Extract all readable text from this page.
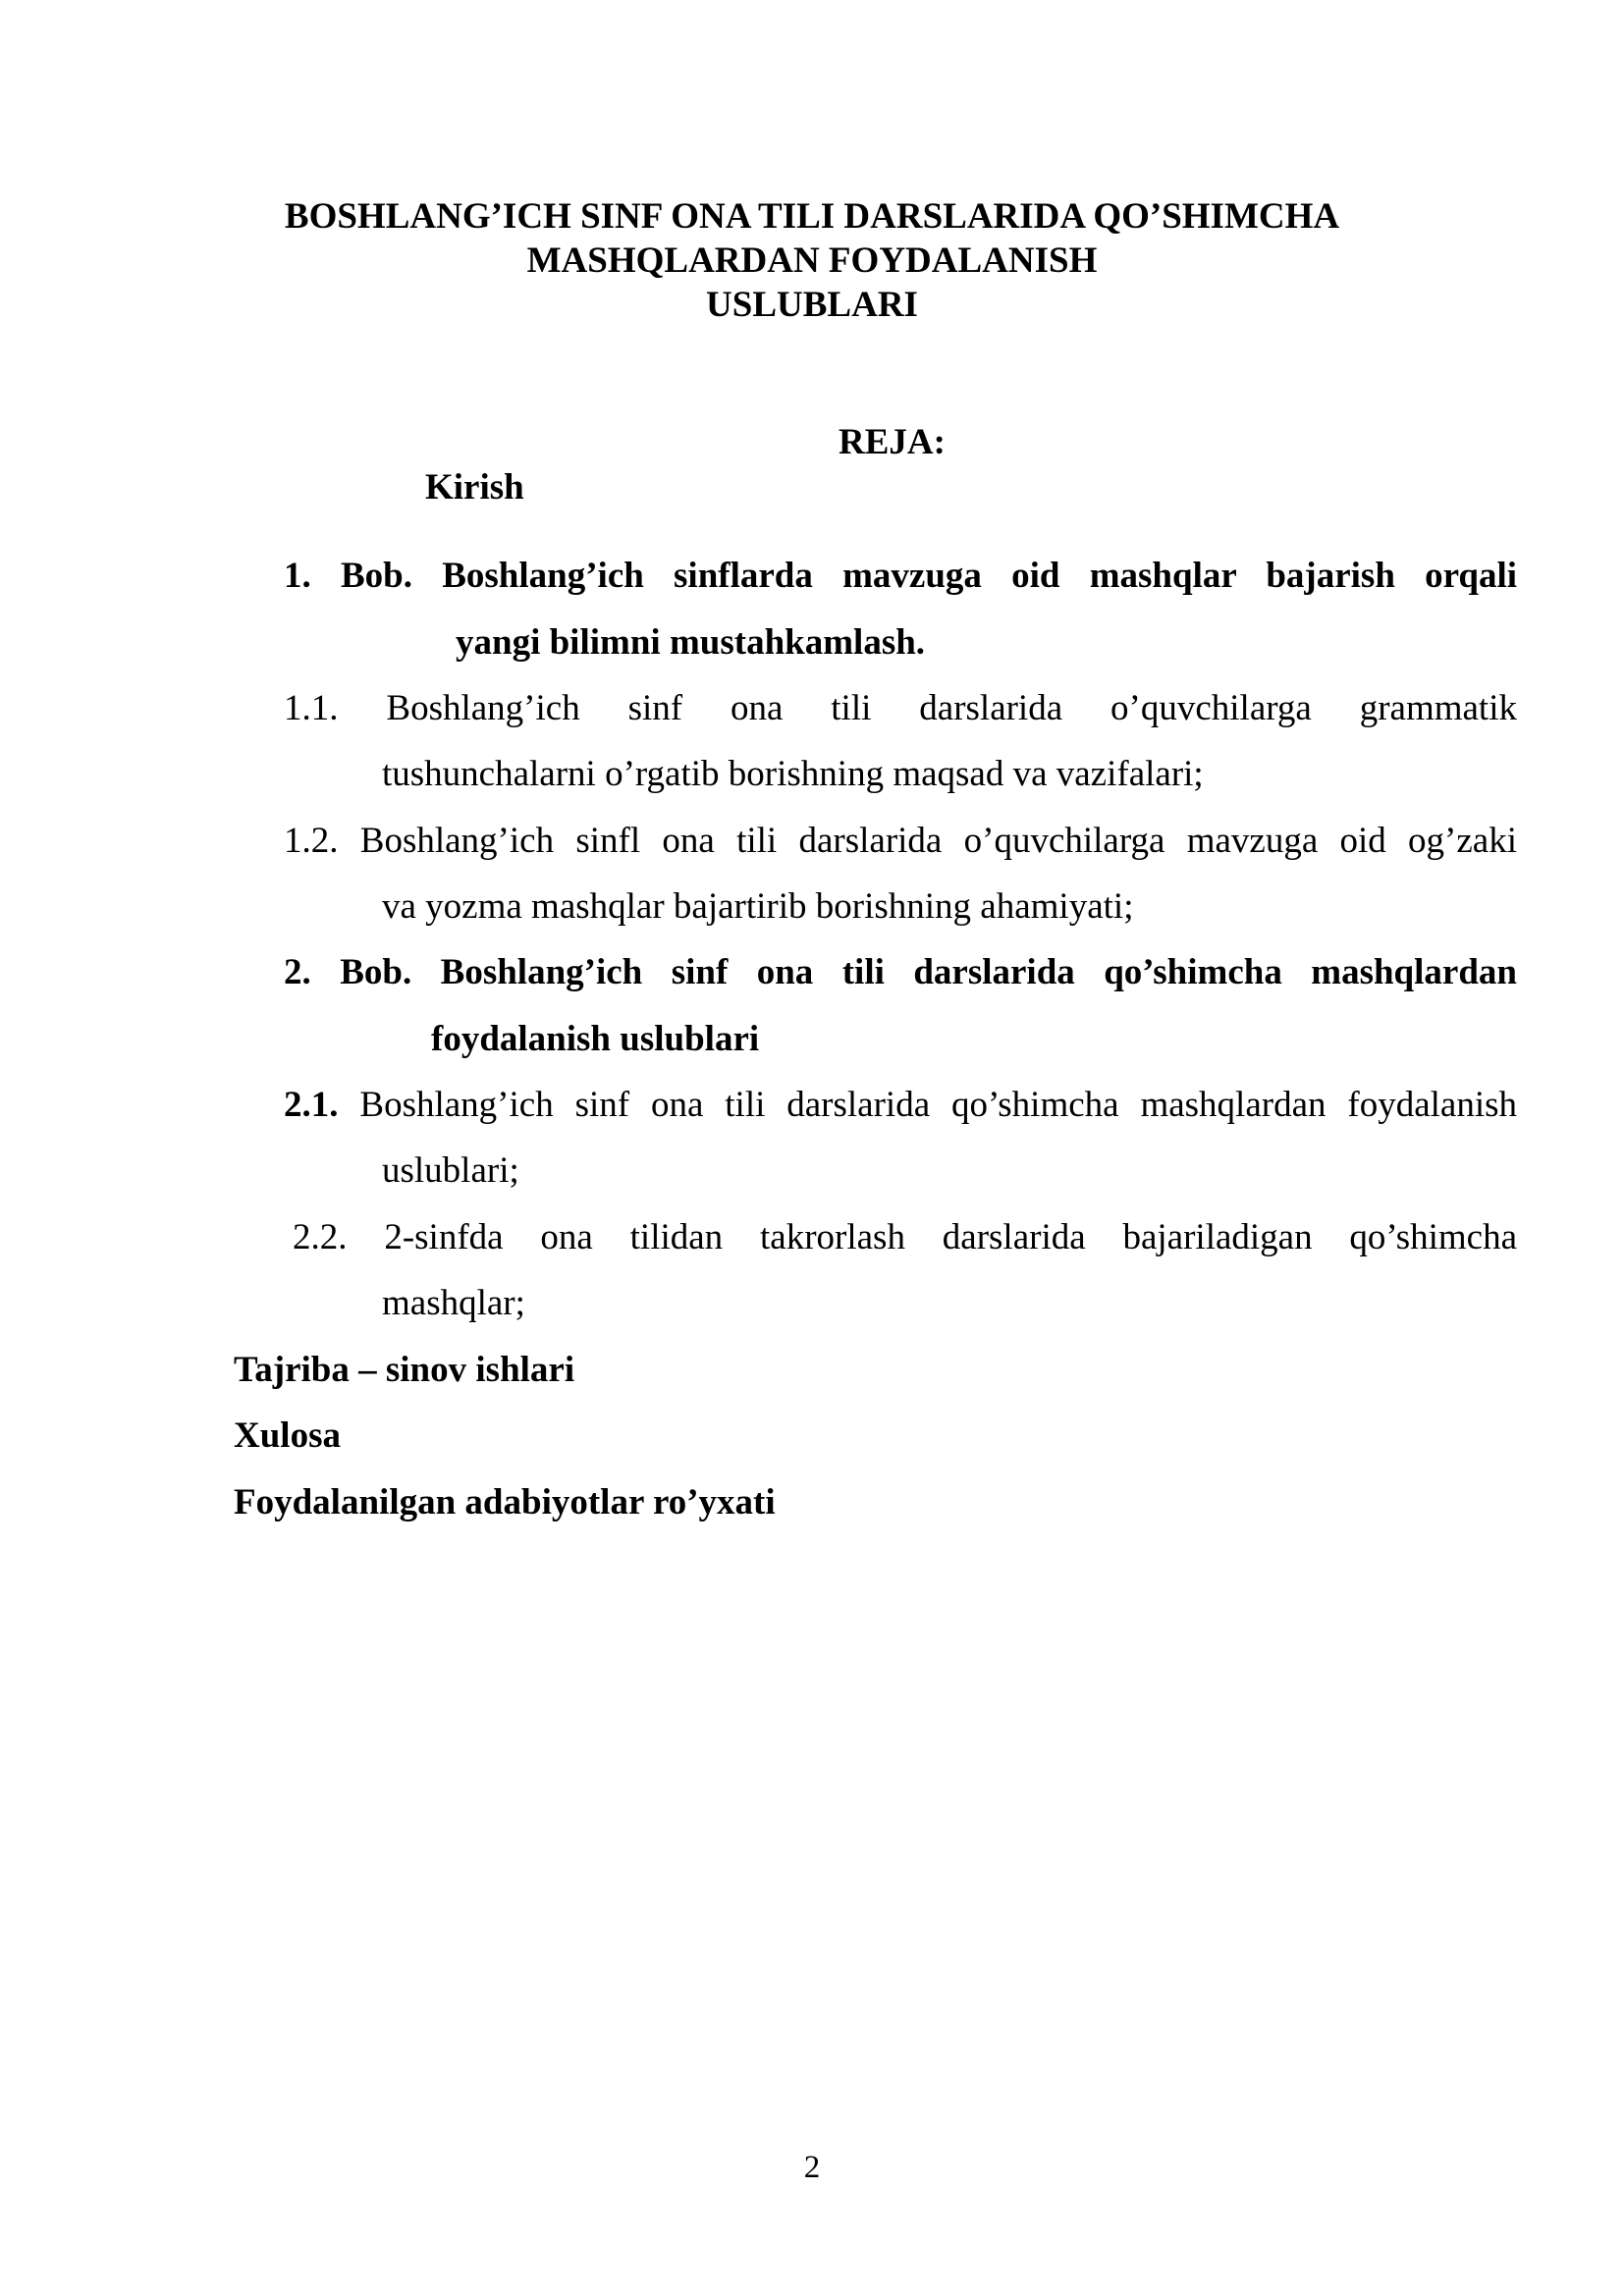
BOSHLANG’ICH SINF ONA TILI DARSLARIDA QO’SHIMCHA
MASHQLARDAN FOYDALANISH
USLUBLARI
REJA:
Kirish
1. Bob. Boshlang’ich sinflarda mavzuga oid mashqlar bajarish orqali
yangi bilimni mustahkamlash.
1.1. Boshlang’ich sinf ona tili darslarida o’quvchilarga grammatik
tushunchalarni o’rgatib borishning maqsad va vazifalari;
1.2. Boshlang’ich sinfl ona tili darslarida o’quvchilarga mavzuga oid og’zaki
va yozma mashqlar bajartirib borishning ahamiyati;
2. Bob. Boshlang’ich sinf ona tili darslarida qo’shimcha mashqlardan
foydalanish uslublari
2.1. Boshlang’ich sinf ona tili darslarida qo’shimcha mashqlardan foydalanish
uslublari;
2.2. 2-sinfda ona tilidan takrorlash darslarida bajariladigan qo’shimcha
mashqlar;
Tajriba – sinov ishlari
Xulosa
Foydalanilgan adabiyotlar ro’yxati
2
